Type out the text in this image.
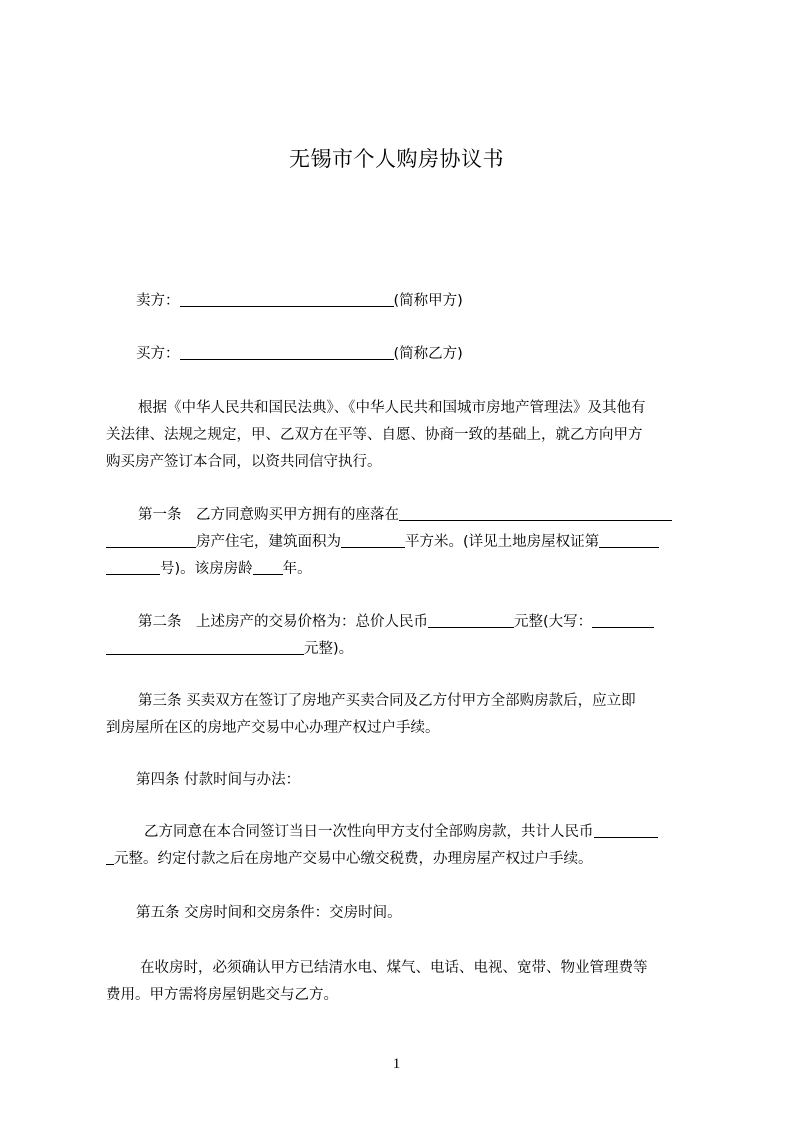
无锡市个人购房协议书
卖方：	(简称甲方)
买方：	(简称乙方)
根据《中华人民共和国民法典》、《中华人民共和国城市房地产管理法》及其他有
关法律、法规之规定，甲、乙双方在平等、自愿、协商一致的基础上，就乙方向甲方
购买房产签订本合同，以资共同信守执行。
第一条　乙方同意购买甲方拥有的座落在
房产住宅，建筑面积为	平方米。(详见土地房屋权证第
号)。该房房龄 年。
第二条　上述房产的交易价格为：总价人民币	元整(大写：
元整)。
第三条 买卖双方在签订了房地产买卖合同及乙方付甲方全部购房款后，应立即
到房屋所在区的房地产交易中心办理产权过户手续。
第四条 付款时间与办法：
乙方同意在本合同签订当日一次性向甲方支付全部购房款，共计人民币
元整。约定付款之后在房地产交易中心缴交税费，办理房屋产权过户手续。
第五条 交房时间和交房条件：交房时间。
在收房时，必须确认甲方已结清水电、煤气、电话、电视、宽带、物业管理费等
费用。甲方需将房屋钥匙交与乙方。
1
